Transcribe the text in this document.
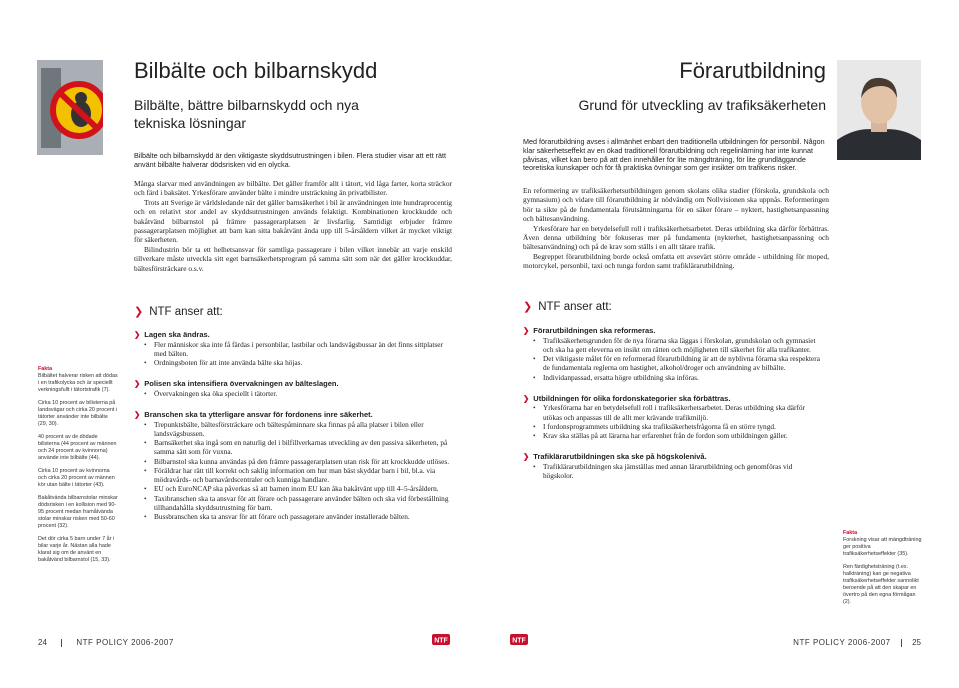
Bilbälte och bilbarnskydd
Bilbälte, bättre bilbarnskydd och nya tekniska lösningar
Bilbälte och bilbarnskydd är den viktigaste skyddsutrustningen i bilen. Flera studier visar att ett rätt använt bilbälte halverar dödsrisken vid en olycka.
Många slarvar med användningen av bilbälte. Det gäller framför allt i tätort, vid låga farter, korta sträckor och färd i baksätet. Yrkesförare använder bälte i mindre utsträckning än privatbilister.
Trots att Sverige är världsledande när det gäller barnsäkerhet i bil är användningen inte hundraprocentig och en relativt stor andel av skyddsutrustningen används felaktigt. Kombinationen krockkudde och bakåtvänd bilbarnstol på främre passagerarplatsen är livsfarlig. Samtidigt erbjuder främre passagerarplatsen möjlighet att barn kan sitta bakåtvänt ända upp till 5-årsåldern vilket är mycket viktigt för säkerheten.
Bilindustrin bör ta ett helhetsansvar för samtliga passagerare i bilen vilket innebär att varje enskild tillverkare måste utveckla sitt eget barnsäkerhetsprogram på samma sätt som när det gäller krockkuddar, bältesförsträckare o.s.v.
❯ NTF anser att:
❯ Lagen ska ändras.
• Fler människor ska inte få färdas i personbilar, lastbilar och landsvägsbussar än det finns sittplatser med bälten.
• Ordningsboten för att inte använda bälte ska höjas.
❯ Polisen ska intensifiera övervakningen av bälteslagen.
• Övervakningen ska öka speciellt i tätorter.
❯ Branschen ska ta ytterligare ansvar för fordonens inre säkerhet.
• Trepunktsbälte, bältesförsträckare och bältespåminnare ska finnas på alla platser i bilen eller landsvägsbussen.
• Barnsäkerhet ska ingå som en naturlig del i bilfillverkarnas utveckling av den passiva säkerheten, på samma sätt som för vuxna.
• Bilbarnstol ska kunna användas på den främre passagerarplatsen utan risk för att krockkudde utlöses.
• Föräldrar har rätt till korrekt och saklig information om hur man bäst skyddar barn i bil, bl.a. via mödravårds- och barnavårdscentraler och kunniga handlare.
• EU och EuroNCAP ska påverkas så att barnen inom EU kan åka bakåtvänt upp till 4–5-årsåldern.
• Taxibranschen ska ta ansvar för att förare och passagerare använder bälten och ska vid förbeställning tillhandahålla skyddsutrustning för barn.
• Bussbranschen ska ta ansvar för att förare och passagerare använder installerade bälten.
Fakta

Bilbältet halverar risken att dödas i en trafikolycka och är speciellt verkningsfullt i tätortstrafik (7).

Cirka 10 procent av bilisterna på landsvägar och cirka 20 procent i tätorter använder inte bilbälte (29, 30).

40 procent av de dödade bilisterna (44 procent av männen och 24 procent av kvinnorna) använde inte bilbälte (44).

Cirka 10 procent av kvinnorna och cirka 20 procent av männen kör utan bälte i tätorter (43).

Bakåtvända bilbarnstolar minskar dödsrisken i en kollision med 90-95 procent medan framåtvända stolar minskar risken med 50-60 procent (32).

Det dör cirka 5 barn under 7 år i bilar varje år. Nästan alla hade klarat sig om de använt en bakåtvänd bilbarnstol (15, 33).

24	NTF POLICY 2006-2007	NTF	NTF
Förarutbildning
Grund för utveckling av trafiksäkerheten
Med förarutbildning avses i allmänhet enbart den traditionella utbildningen för personbil. Någon klar säkerhetseffekt av en ökad traditionell förarutbildning och regelinlärning har inte kunnat påvisas, vilket kan bero på att den innehåller för lite mängdträning, för lite grundläggande teoretiska kunskaper och för få praktiska övningar som ger insikter om trafikens risker.
En reformering av trafiksäkerhetsutbildningen genom skolans olika stadier (förskola, grundskola och gymnasium) och vidare till förarutbildning är nödvändig om Nollvisionen ska uppnås. Reformeringen bör ta sikte på de fundamentala förutsättningarna för en säker förare – nyktert, hastighetsanpassning och bältesanvändning.
Yrkesförare har en betydelsefull roll i trafiksäkerhetsarbetet. Deras utbildning ska därför förbättras. Även denna utbildning bör fokuseras mer på fundamenta (nykterhet, hastighetsanpassning och bältesanvändning) och på de krav som ställs i en allt tätare trafik.
Begreppet förarutbildning borde också omfatta ett avsevärt större område - utbildning för moped, motorcykel, personbil, taxi och tunga fordon samt trafiklärarutbildning.
❯ NTF anser att:
❯ Förarutbildningen ska reformeras.
• Trafiksäkerhetsgrunden för de nya förarna ska läggas i förskolan, grundskolan och gymnasiet och ska ha gett eleverna en insikt om rätten och möjligheten till säkerhet för alla trafikanter.
• Det viktigaste målet för en reformerad förarutbildning är att de nyblivna förarna ska respektera de fundamentala reglerna om hastighet, alkohol/droger och användning av bilbälte.
• Individanpassad, ersatta högre utbildning ska införas.
❯ Utbildningen för olika fordonskategorier ska förbättras.
• Yrkesförarna har en betydelsefull roll i trafiksäkerhetsarbetet. Deras utbildning ska därför utökas och anpassas till de allt mer krävande trafikmiljö.
• I fordonsprogrammets utbildning ska trafiksäkerhetsfrågorna få en större tyngd.
• Krav ska ställas på att lärarna har erfarenhet från de fordon som utbildningen gäller.
❯ Trafiklärarutbildningen ska ske på högskolenivå.
• Trafiklärarutbildningen ska jämställas med annan lärarutbildning och genomföras vid högskolor.
Fakta

Forskning visar att mängdträning ger positiva trafiksäkerhetseffekter (35).

Ren färdighetsträning (t.ex. halkträning) kan ge negativa trafiksäkerhetseffekter sannolikt beroende på att den skapar en övertro på den egna förmågan (2).

NTF POLICY 2006-2007	25
